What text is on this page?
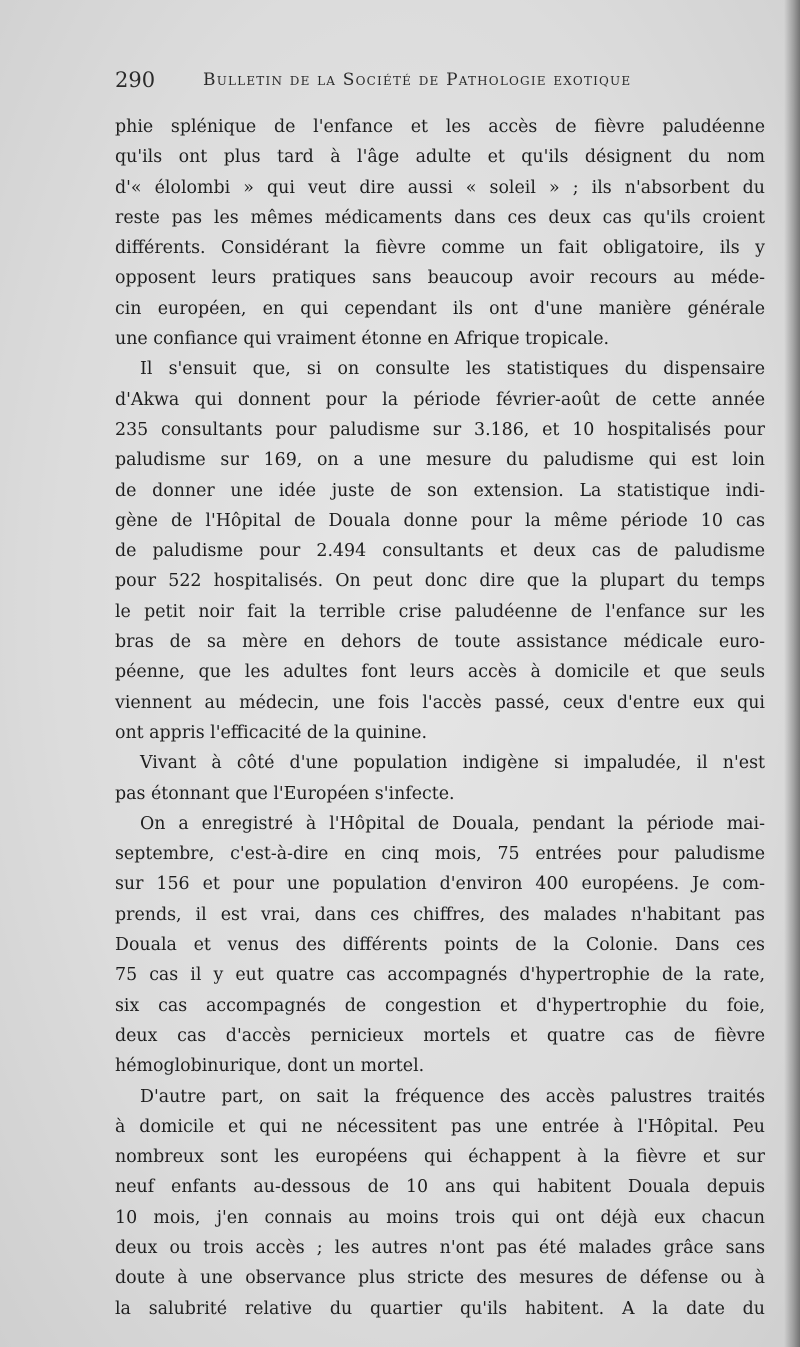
290	Bulletin de la Société de Pathologie exotique
phie splénique de l'enfance et les accès de fièvre paludéenne
qu'ils ont plus tard à l'âge adulte et qu'ils désignent du nom
d'« élolombi » qui veut dire aussi « soleil » ; ils n'absorbent du
reste pas les mêmes médicaments dans ces deux cas qu'ils croient
différents. Considérant la fièvre comme un fait obligatoire, ils y
opposent leurs pratiques sans beaucoup avoir recours au méde-
cin européen, en qui cependant ils ont d'une manière générale
une confiance qui vraiment étonne en Afrique tropicale.
Il s'ensuit que, si on consulte les statistiques du dispensaire
d'Akwa qui donnent pour la période février-août de cette année
235 consultants pour paludisme sur 3.186, et 10 hospitalisés pour
paludisme sur 169, on a une mesure du paludisme qui est loin
de donner une idée juste de son extension. La statistique indi-
gène de l'Hôpital de Douala donne pour la même période 10 cas
de paludisme pour 2.494 consultants et deux cas de paludisme
pour 522 hospitalisés. On peut donc dire que la plupart du temps
le petit noir fait la terrible crise paludéenne de l'enfance sur les
bras de sa mère en dehors de toute assistance médicale euro-
péenne, que les adultes font leurs accès à domicile et que seuls
viennent au médecin, une fois l'accès passé, ceux d'entre eux qui
ont appris l'efficacité de la quinine.
Vivant à côté d'une population indigène si impaludée, il n'est
pas étonnant que l'Européen s'infecte.
On a enregistré à l'Hôpital de Douala, pendant la période mai-
septembre, c'est-à-dire en cinq mois, 75 entrées pour paludisme
sur 156 et pour une population d'environ 400 européens. Je com-
prends, il est vrai, dans ces chiffres, des malades n'habitant pas
Douala et venus des différents points de la Colonie. Dans ces
75 cas il y eut quatre cas accompagnés d'hypertrophie de la rate,
six cas accompagnés de congestion et d'hypertrophie du foie,
deux cas d'accès pernicieux mortels et quatre cas de fièvre
hémoglobinurique, dont un mortel.
D'autre part, on sait la fréquence des accès palustres traités
à domicile et qui ne nécessitent pas une entrée à l'Hôpital. Peu
nombreux sont les européens qui échappent à la fièvre et sur
neuf enfants au-dessous de 10 ans qui habitent Douala depuis
10 mois, j'en connais au moins trois qui ont déjà eux chacun
deux ou trois accès ; les autres n'ont pas été malades grâce sans
doute à une observance plus stricte des mesures de défense ou à
la salubrité relative du quartier qu'ils habitent. A la date du
